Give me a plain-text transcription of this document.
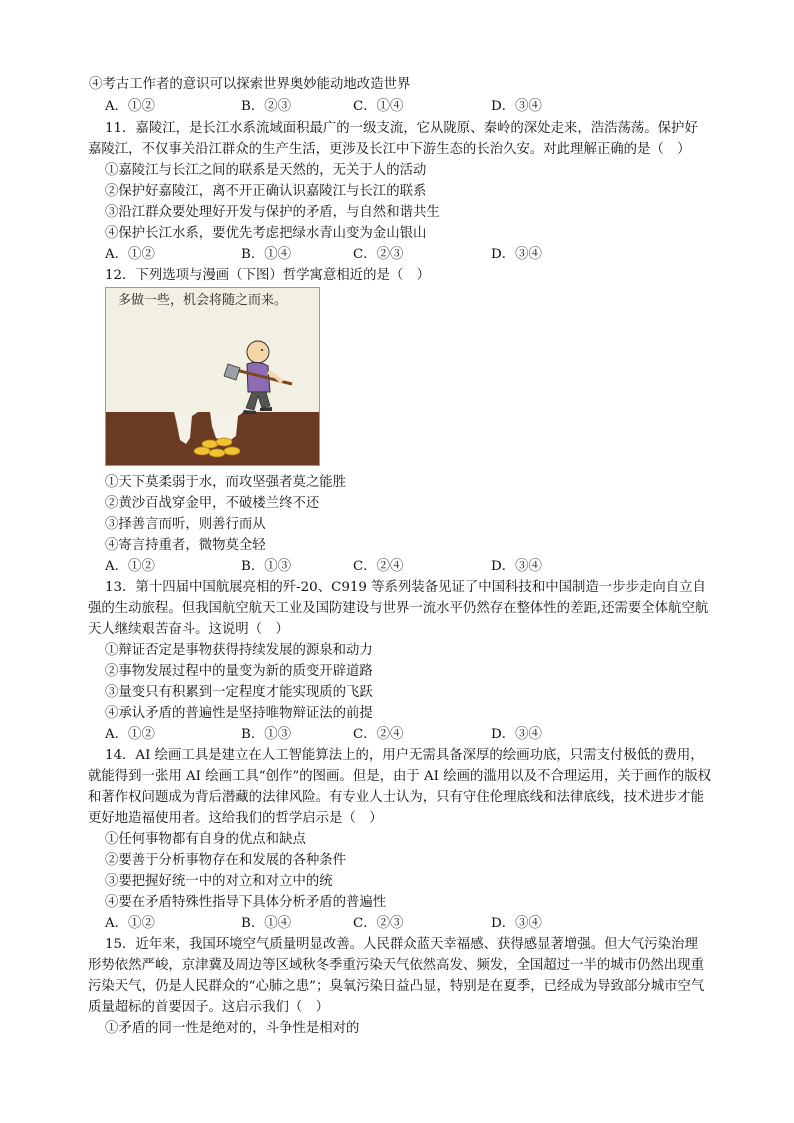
④考古工作者的意识可以探索世界奥妙能动地改造世界
A．①②	B．②③	C．①④	D．③④
11．嘉陵江，是长江水系流域面积最广的一级支流，它从陇原、秦岭的深处走来，浩浩荡荡。保护好
嘉陵江，不仅事关沿江群众的生产生活，更涉及长江中下游生态的长治久安。对此理解正确的是（　）
①嘉陵江与长江之间的联系是天然的，无关于人的活动
②保护好嘉陵江，离不开正确认识嘉陵江与长江的联系
③沿江群众要处理好开发与保护的矛盾，与自然和谐共生
④保护长江水系，要优先考虑把绿水青山变为金山银山
A．①②	B．①④	C．②③	D．③④
12．下列选项与漫画（下图）哲学寓意相近的是（　）
多做一些，机会将随之而来。
①天下莫柔弱于水，而攻坚强者莫之能胜
②黄沙百战穿金甲，不破楼兰终不还
③择善言而听，则善行而从
④寄言持重者，微物莫全轻
A．①②	B．①③	C．②④	D．③④
13．第十四届中国航展亮相的歼-20、C919 等系列装备见证了中国科技和中国制造一步步走向自立自
强的生动旅程。但我国航空航天工业及国防建设与世界一流水平仍然存在整体性的差距,还需要全体航空航
天人继续艰苦奋斗。这说明（　）
①辩证否定是事物获得持续发展的源泉和动力
②事物发展过程中的量变为新的质变开辟道路
③量变只有积累到一定程度才能实现质的飞跃
④承认矛盾的普遍性是坚持唯物辩证法的前提
A．①②	B．①③	C．②④	D．③④
14．AI 绘画工具是建立在人工智能算法上的，用户无需具备深厚的绘画功底，只需支付极低的费用，
就能得到一张用 AI 绘画工具“创作”的图画。但是，由于 AI 绘画的滥用以及不合理运用，关于画作的版权
和著作权问题成为背后潜藏的法律风险。有专业人士认为，只有守住伦理底线和法律底线，技术进步才能
更好地造福使用者。这给我们的哲学启示是（　）
①任何事物都有自身的优点和缺点
②要善于分析事物存在和发展的各种条件
③要把握好统一中的对立和对立中的统
④要在矛盾特殊性指导下具体分析矛盾的普遍性
A．①②	B．①④	C．②③	D．③④
15．近年来，我国环境空气质量明显改善。人民群众蓝天幸福感、获得感显著增强。但大气污染治理
形势依然严峻，京津冀及周边等区域秋冬季重污染天气依然高发、频发，全国超过一半的城市仍然出现重
污染天气，仍是人民群众的“心肺之患”；臭氧污染日益凸显，特别是在夏季，已经成为导致部分城市空气
质量超标的首要因子。这启示我们（　）
①矛盾的同一性是绝对的，斗争性是相对的
